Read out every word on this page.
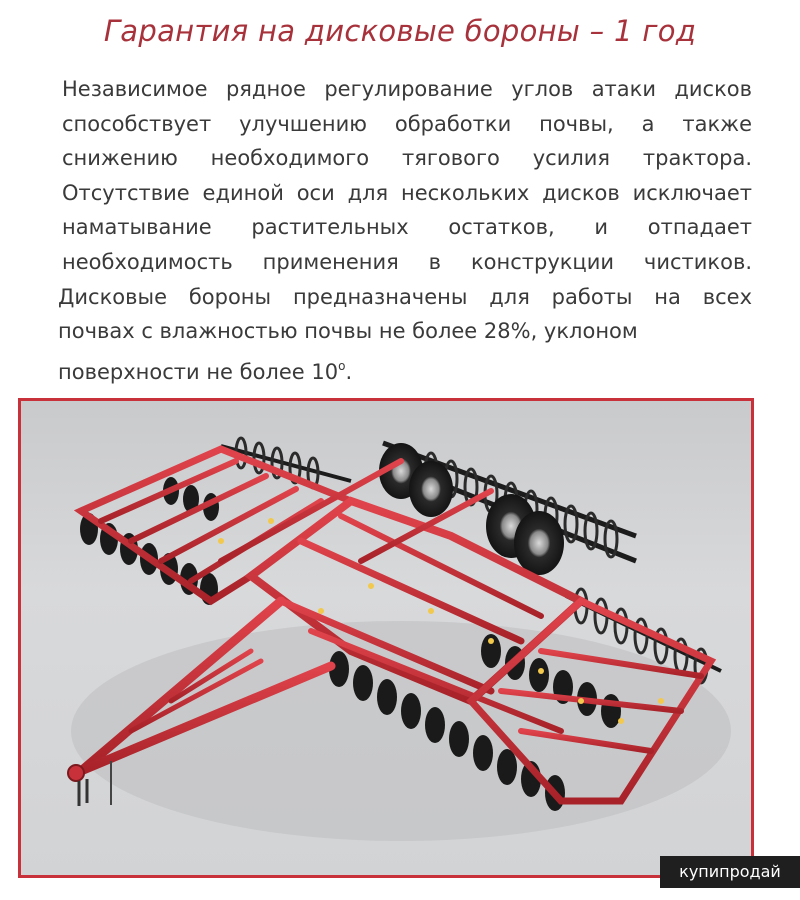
Гарантия на дисковые бороны – 1 год
Независимое рядное регулирование углов атаки дисков
способствует улучшению обработки почвы, а также
снижению необходимого тягового усилия трактора.
Отсутствие единой оси для нескольких дисков исключает
наматывание растительных остатков, и отпадает
необходимость применения в конструкции чистиков.
Дисковые бороны предназначены для работы на всех
почвах с влажностью почвы не более 28%, уклоном
поверхности не более 10$^o$.
купипродай
